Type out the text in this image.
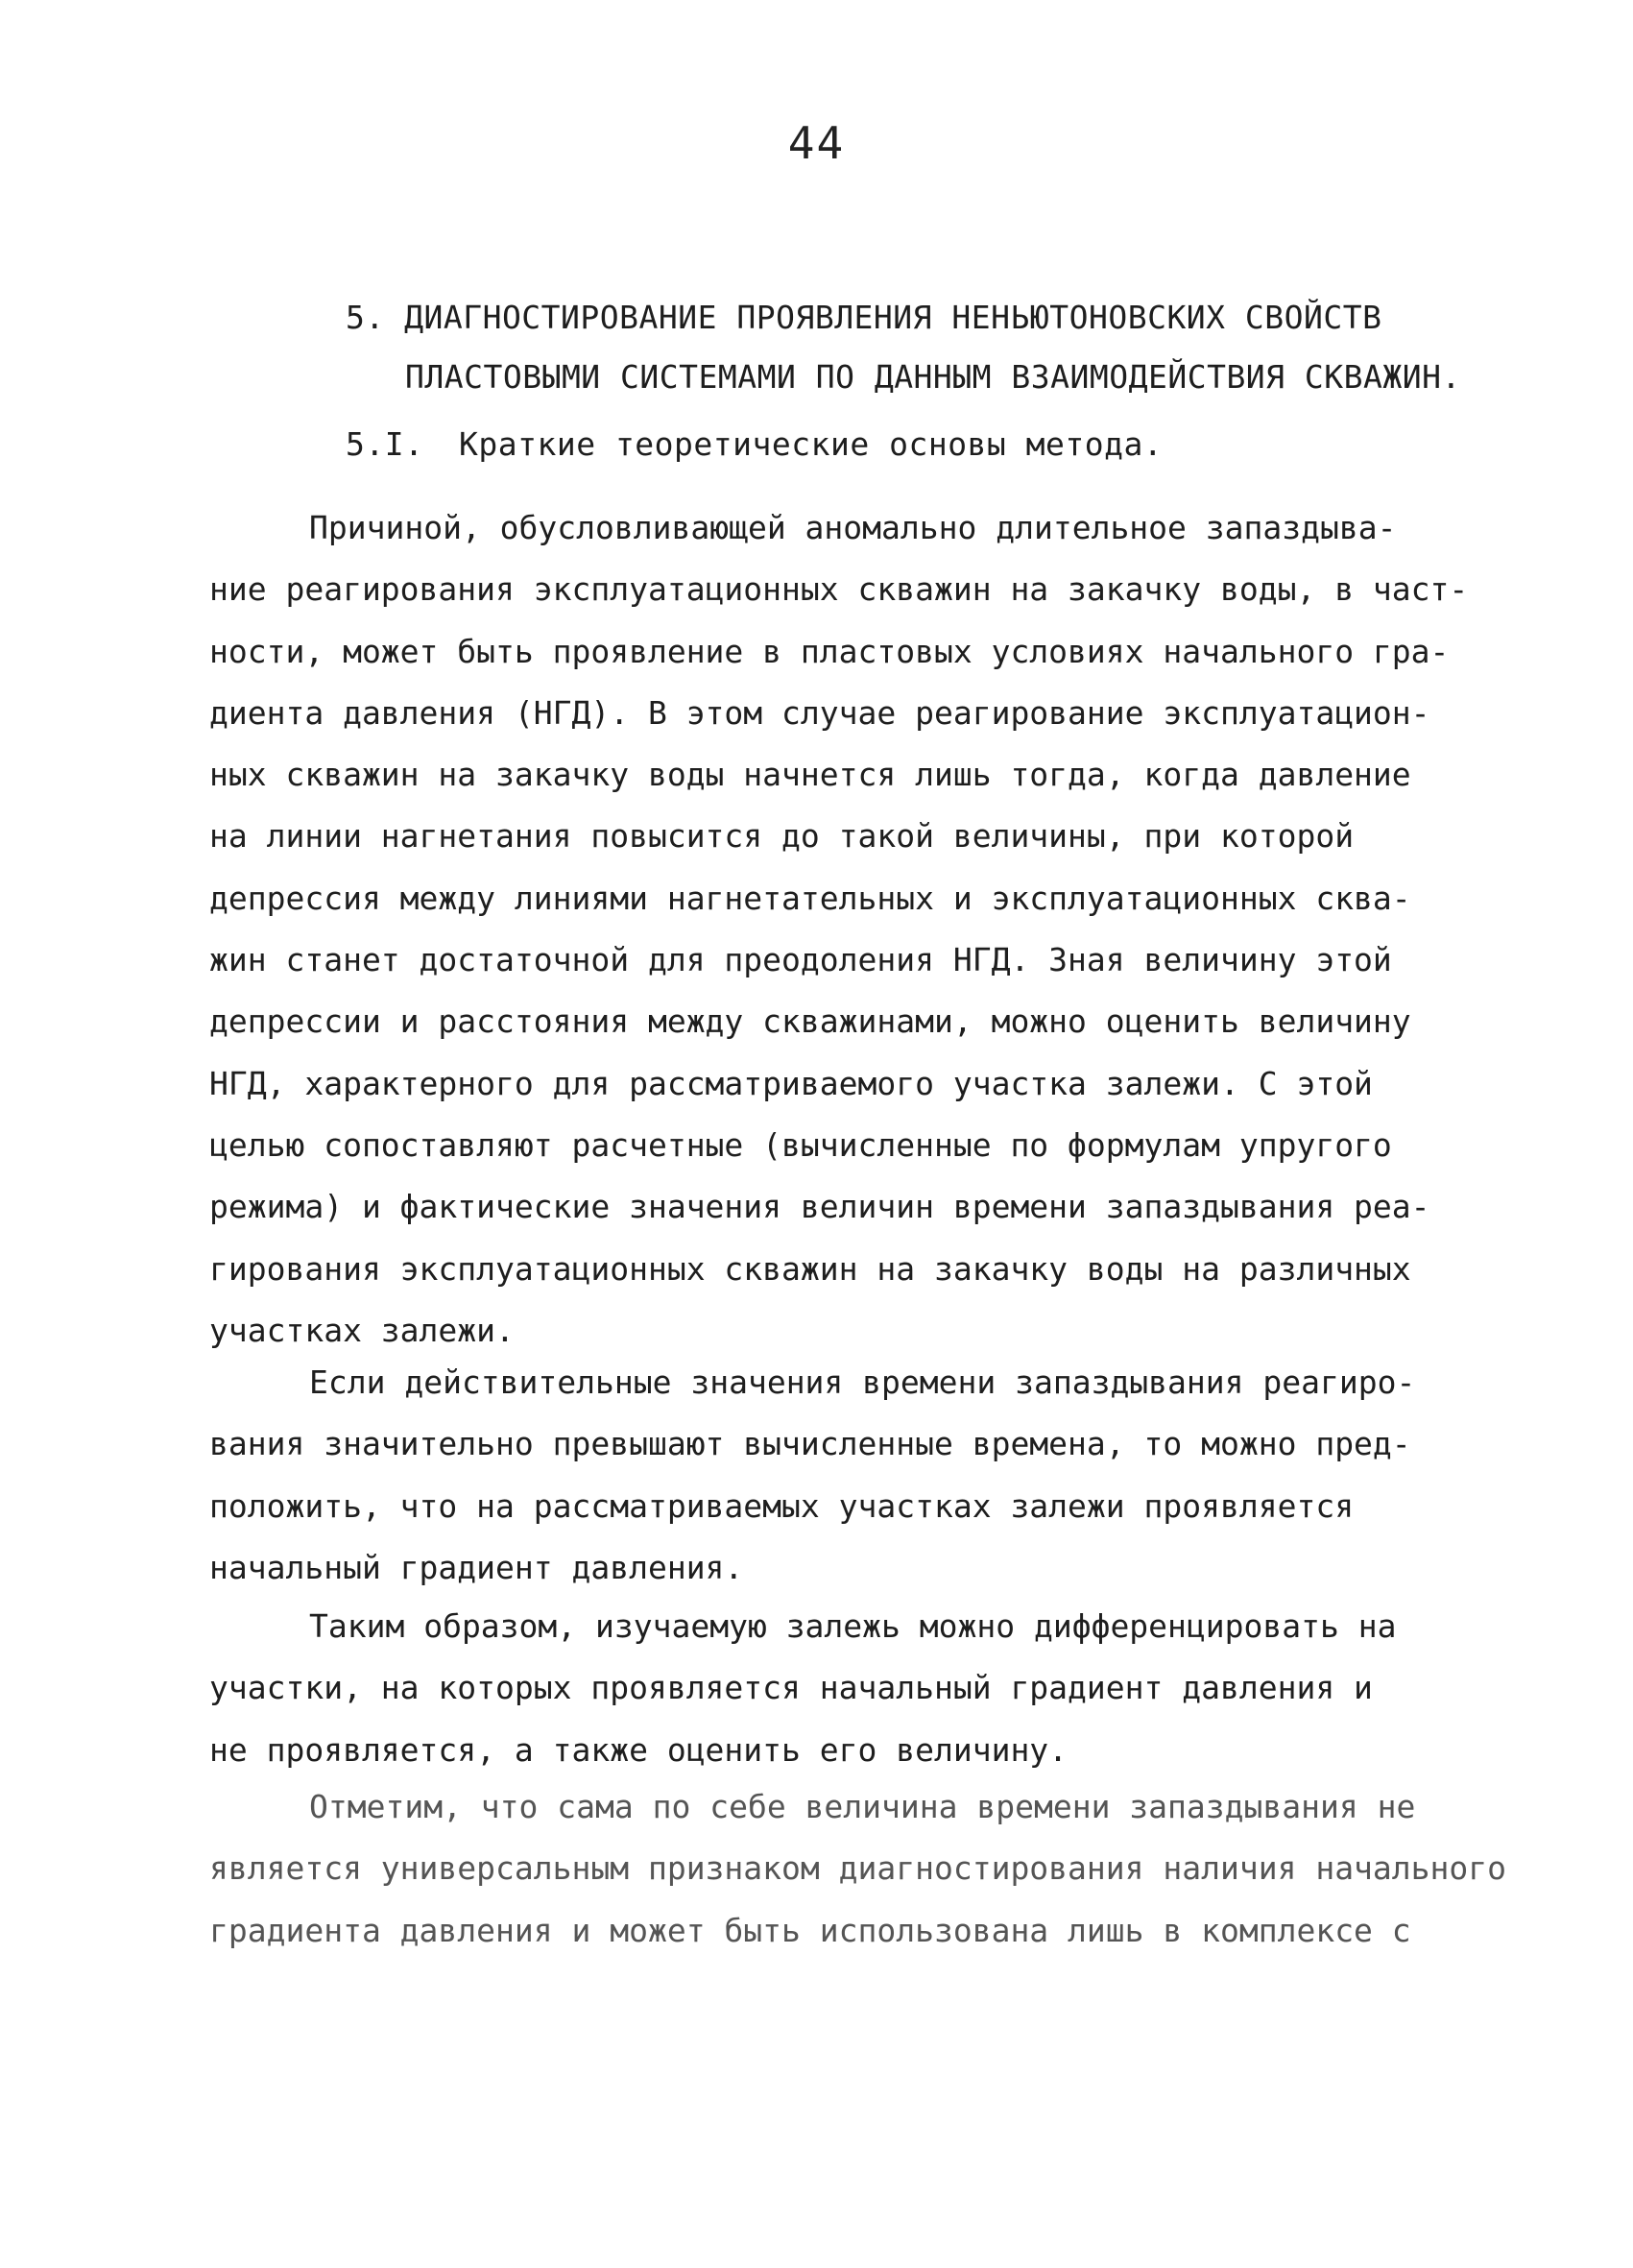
44
5. ДИАГНОСТИРОВАНИЕ ПРОЯВЛЕНИЯ НЕНЬЮТОНОВСКИХ СВОЙСТВ
ПЛАСТОВЫМИ СИСТЕМАМИ ПО ДАННЫМ ВЗАИМОДЕЙСТВИЯ СКВАЖИН.
5.I. Краткие теоретические основы метода.
Причиной, обусловливающей аномально длительное запаздыва-
ние реагирования эксплуатационных скважин на закачку воды, в част-
ности, может быть проявление в пластовых условиях начального гра-
диента давления (НГД). В этом случае реагирование эксплуатацион-
ных скважин на закачку воды начнется лишь тогда, когда давление
на линии нагнетания повысится до такой величины, при которой
депрессия между линиями нагнетательных и эксплуатационных сква-
жин станет достаточной для преодоления НГД. Зная величину этой
депрессии и расстояния между скважинами, можно оценить величину
НГД, характерного для рассматриваемого участка залежи. С этой
целью сопоставляют расчетные (вычисленные по формулам упругого
режима) и фактические значения величин времени запаздывания реа-
гирования эксплуатационных скважин на закачку воды на различных
участках залежи.
Если действительные значения времени запаздывания реагиро-
вания значительно превышают вычисленные времена, то можно пред-
положить, что на рассматриваемых участках залежи проявляется
начальный градиент давления.
Таким образом, изучаемую залежь можно дифференцировать на
участки, на которых проявляется начальный градиент давления и
не проявляется, а также оценить его величину.
Отметим, что сама по себе величина времени запаздывания не
является универсальным признаком диагностирования наличия начального
градиента давления и может быть использована лишь в комплексе с
